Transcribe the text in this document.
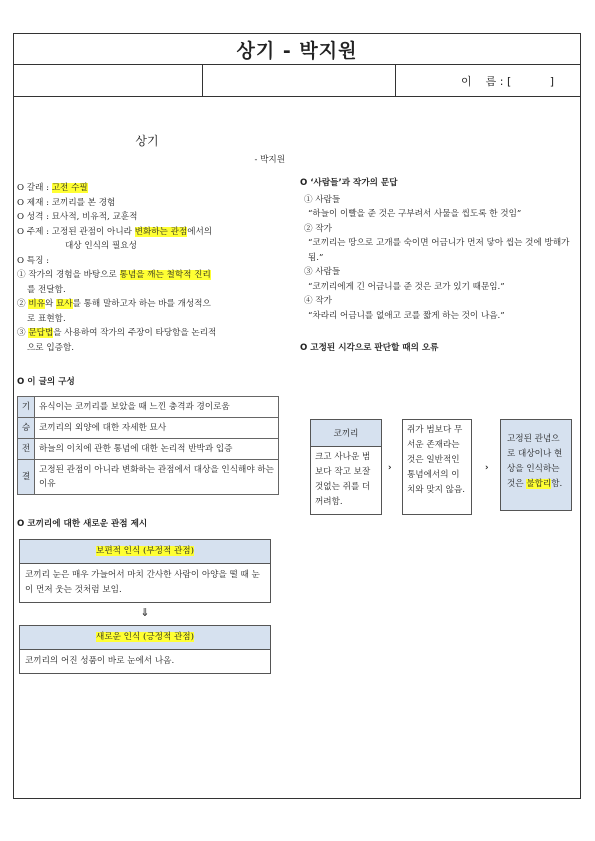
상기 - 박지원
이    름 : [           ]
상기
- 박지원
O 갈래 : 고전 수필
O 제재 : 코끼리를 본 경험
O 성격 : 묘사적, 비유적, 교훈적
O 주제 : 고정된 관점이 아니라 변화하는 관점에서의
대상 인식의 필요성
O 특징 :
① 작가의 경험을 바탕으로 통념을 깨는 철학적 진리
를 전달함.
② 비유와 묘사를 통해 말하고자 하는 바를 개성적으
로 표현함.
③ 문답법을 사용하여 작가의 주장이 타당함을 논리적
으로 입증함.
O 이 글의 구성
기	유식이는 코끼리를 보았을 때 느낀 충격과 경이로움
승	코끼리의 외양에 대한 자세한 묘사
전	하늘의 이치에 관한 통념에 대한 논리적 반박과 입증
결	고정된 관점이 아니라 변화하는 관점에서 대상을 인식해야 하는 이유
O 코끼리에 대한 새로운 관점 제시
보편적 인식 (부정적 관점)
코끼리 눈은 매우 가늘어서 마치 간사한 사람이 아양을 떨 때 눈이 먼저 웃는 것처럼 보임.
⇓
새로운 인식 (긍정적 관점)
코끼리의 어진 성품이 바로 눈에서 나옴.
O ‘사람들’과 작가의 문답
① 사람들
“하늘이 이빨을 준 것은 구부려서 사물을 씹도록 한 것임”
② 작가
“코끼리는 땅으로 고개를 숙이면 어금니가 먼저 닿아 씹는 것에 방해가 됨.”
③ 사람들
“코끼리에게 긴 어금니를 준 것은 코가 있기 때문임.”
④ 작가
“차라리 어금니를 없애고 코를 짧게 하는 것이 나음.”
O 고정된 시각으로 판단할 때의 오류
코끼리
크고 사나운 범보다 작고 보잘것없는 쥐를 더 꺼려함.
›
쥐가 범보다 무서운 존재라는 것은 일반적인 통념에서의 이치와 맞지 않음.
›
고정된 관념으로 대상이나 현상을 인식하는 것은 불합리함.
